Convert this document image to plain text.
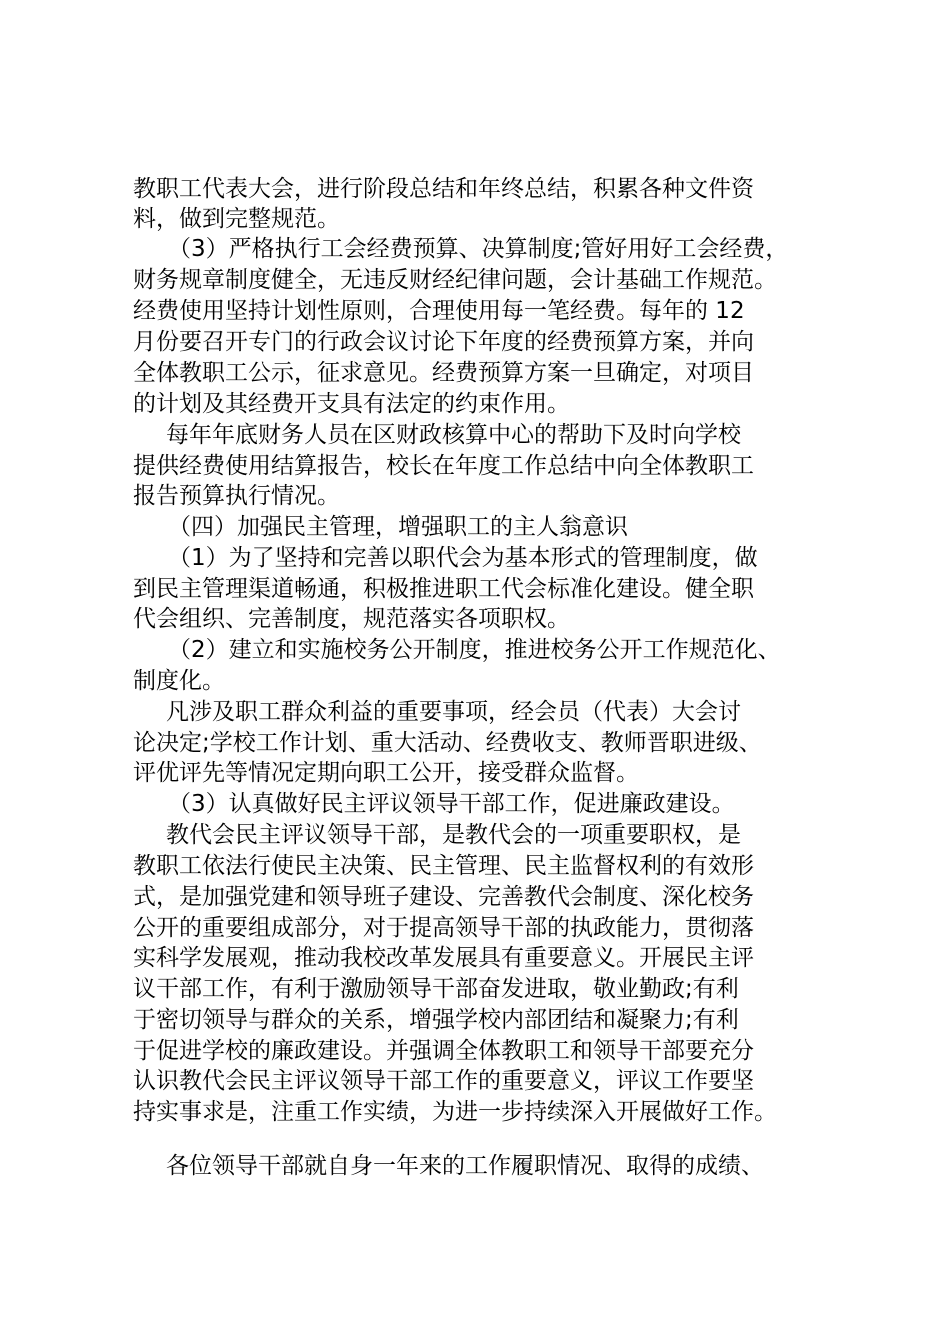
教职工代表大会，进行阶段总结和年终总结，积累各种文件资
料，做到完整规范。
（3）严格执行工会经费预算、决算制度;管好用好工会经费，
财务规章制度健全，无违反财经纪律问题，会计基础工作规范。
经费使用坚持计划性原则，合理使用每一笔经费。每年的 12
月份要召开专门的行政会议讨论下年度的经费预算方案，并向
全体教职工公示，征求意见。经费预算方案一旦确定，对项目
的计划及其经费开支具有法定的约束作用。
每年年底财务人员在区财政核算中心的帮助下及时向学校
提供经费使用结算报告，校长在年度工作总结中向全体教职工
报告预算执行情况。
（四）加强民主管理，增强职工的主人翁意识
（1）为了坚持和完善以职代会为基本形式的管理制度，做
到民主管理渠道畅通，积极推进职工代会标准化建设。健全职
代会组织、完善制度，规范落实各项职权。
（2）建立和实施校务公开制度，推进校务公开工作规范化、
制度化。
凡涉及职工群众利益的重要事项，经会员（代表）大会讨
论决定;学校工作计划、重大活动、经费收支、教师晋职进级、
评优评先等情况定期向职工公开，接受群众监督。
（3）认真做好民主评议领导干部工作，促进廉政建设。
教代会民主评议领导干部，是教代会的一项重要职权，是
教职工依法行使民主决策、民主管理、民主监督权利的有效形
式，是加强党建和领导班子建设、完善教代会制度、深化校务
公开的重要组成部分，对于提高领导干部的执政能力，贯彻落
实科学发展观，推动我校改革发展具有重要意义。开展民主评
议干部工作，有利于激励领导干部奋发进取，敬业勤政;有利
于密切领导与群众的关系，增强学校内部团结和凝聚力;有利
于促进学校的廉政建设。并强调全体教职工和领导干部要充分
认识教代会民主评议领导干部工作的重要意义，评议工作要坚
持实事求是，注重工作实绩，为进一步持续深入开展做好工作。
各位领导干部就自身一年来的工作履职情况、取得的成绩、
